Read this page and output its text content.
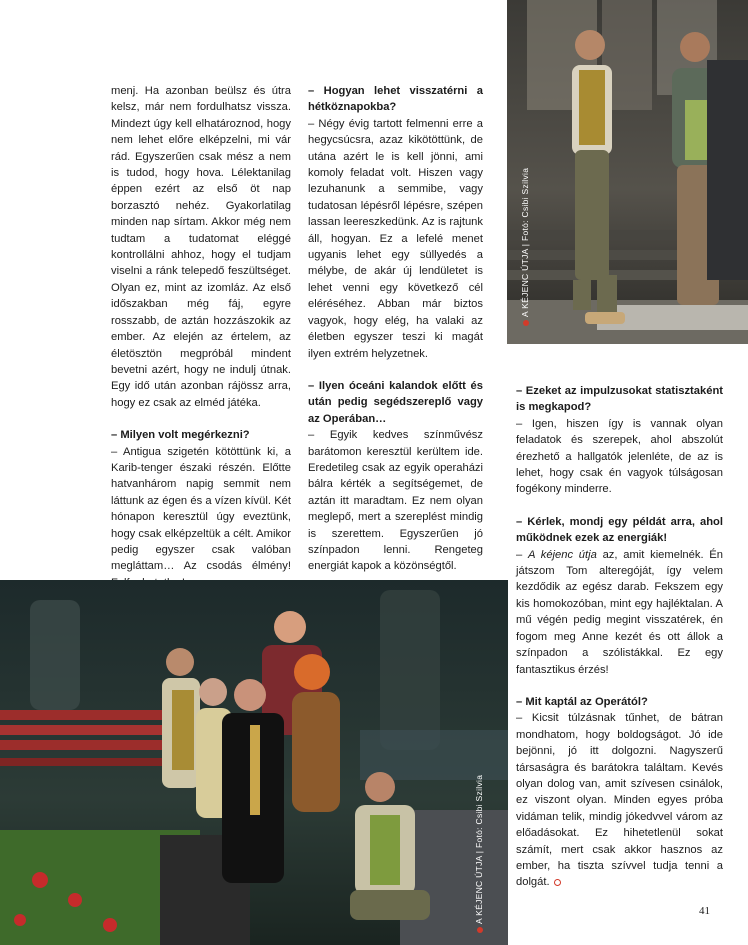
menj. Ha azonban beülsz és útra kelsz, már nem fordulhatsz vissza. Mindezt úgy kell elhatároznod, hogy nem lehet előre elképzelni, mi vár rád. Egyszerűen csak mész a nem is tudod, hogy hova. Lélektanilag éppen ezért az első öt nap borzasztó nehéz. Gyakorlatilag minden nap sírtam. Akkor még nem tudtam a tudatomat eléggé kontrollálni ahhoz, hogy el tudjam viselni a ránk telepedő feszültséget. Olyan ez, mint az izomláz. Az első időszakban még fáj, egyre rosszabb, de aztán hozzászokik az ember. Az elején az értelem, az életösztön megpróbál mindent bevetni azért, hogy ne indulj útnak. Egy idő után azonban rájössz arra, hogy ez csak az elméd játéka.

– Milyen volt megérkezni?

– Antigua szigetén kötöttünk ki, a Karib-tenger északi részén. Előtte hatvanhárom napig semmit nem láttunk az égen és a vízen kívül. Két hónapon keresztül úgy eveztünk, hogy csak elképzeltük a célt. Amikor pedig egyszer csak valóban megláttam… Az csodás élmény!

– Hogyan lehet visszatérni a hétköznapokba?

– Négy évig tartott felmenni erre a hegycsúcsra, azaz kikötöttünk, de utána azért le is kell jönni, ami komoly feladat volt. Hiszen vagy lezuhanunk a semmibe, vagy tudatosan lépésről lépésre, szépen lassan leereszkedünk. Az is rajtunk áll, hogyan. Ez a lefelé menet ugyanis lehet egy süllyedés a mélybe, de akár új lendületet is lehet venni egy következő cél eléréséhez. Abban már biztos vagyok, hogy elég, ha valaki az életben egyszer teszi ki magát ilyen extrém helyzetnek.

– Ilyen óceáni kalandok előtt és után pedig segédszereplő vagy az Operában…

– Egyik kedves színművész barátomon keresztül kerültem ide. Eredetileg csak az egyik operaházi bálra kérték a segítségemet, de aztán itt maradtam. Ez nem olyan meglepő, mert a szereplést mindig is szerettem. Egyszerűen jó színpadon lenni. Rengeteg energiát kapok a közönségtől.

– Ezeket az impulzusokat statisztaként is megkapod?

– Igen, hiszen így is vannak olyan feladatok és szerepek, ahol abszolút érezhető a hallgatók jelenléte, de az is lehet, hogy csak én vagyok túlságosan fogékony minderre.

– Kérlek, mondj egy példát arra, ahol működnek ezek az energiák!

– A kéjenc útja az, amit kiemelnék. Én játszom Tom alteregóját, így velem kezdődik az egész darab. Fekszem egy kis homokozóban, mint egy hajléktalan. A mű végén pedig megint visszatérek, én fogom meg Anne kezét és ott állok a színpadon a szólistákkal. Ez egy fantasztikus érzés!

– Mit kaptál az Operától?

– Kicsit túlzásnak tűnhet, de bátran mondhatom, hogy boldogságot. Jó ide bejönni, jó itt dolgozni. Nagyszerű társaságra és barátokra találtam. Kevés olyan dolog van, amit szívesen csinálok, ez viszont olyan. Minden egyes próba vidáman telik, mindig jókedvvel várom az előadásokat. Ez hihetetlenül sokat számít, mert csak akkor hasznos az ember, ha tiszta szívvel tudja tenni a dolgát.

A KÉJENC ÚTJA | Fotó: Csibi Szilvia
A KÉJENC ÚTJA | Fotó: Csibi Szilvia
41
